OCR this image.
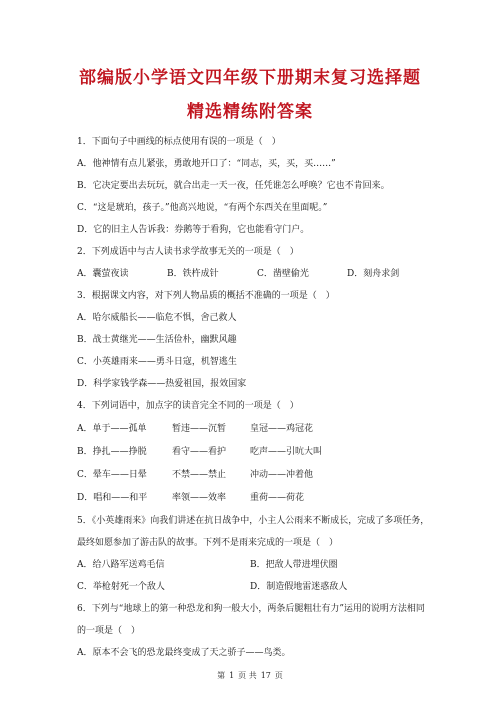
部编版小学语文四年级下册期末复习选择题
精选精练附答案
1．下面句子中画线的标点使用有误的一项是（　）
A．他神情有点儿紧张，勇敢地开口了：“同志，买，买，买……”
B．它决定要出去玩玩，就合出走一天一夜，任凭谁怎么呼唤？它也不肯回来。
C．“这是琥珀，孩子。”他高兴地说，“有两个东西关在里面呢。”
D．它的旧主人告诉我：券鹅等于看狗，它也能看守门户。
2．下列成语中与古人读书求学故事无关的一项是（　）
A．囊萤夜读	B．铁杵成针	C．凿壁偷光	D．刻舟求剑
3．根据课文内容，对下列人物品质的概括不准确的一项是（　）
A．哈尔威船长——临危不惧，舍己救人
B．战士黄继光——生活俭朴，幽默风趣
C．小英雄雨来——勇斗日寇，机智逃生
D．科学家钱学森——热爱祖国，报效国家
4．下列词语中，加点字的读音完全不同的一项是（　）
A．单于——孤单	暂违——沉暂	皇冠——鸡冠花
B．挣扎——挣脱	看守——看护	吃声——引吭大叫
C．晕车——日晕	不禁——禁止	冲动——冲着他
D．唱和——和平	率领——效率	重荷——荷花
5．《小英雄雨来》向我们讲述在抗日战争中，小主人公雨来不断成长，完成了多项任务，
最终如愿参加了游击队的故事。下列不是雨来完成的一项是（　）
A．给八路军送鸡毛信	B．把敌人带进埋伏圈
C．举枪射死一个敌人	D．制造假地雷迷惑敌人
6．下列与“地球上的第一种恐龙和狗一般大小，两条后腿粗壮有力”运用的说明方法相同
的一项是（　）
A．原本不会飞的恐龙最终变成了天之骄子——鸟类。
第 1 页 共 17 页
